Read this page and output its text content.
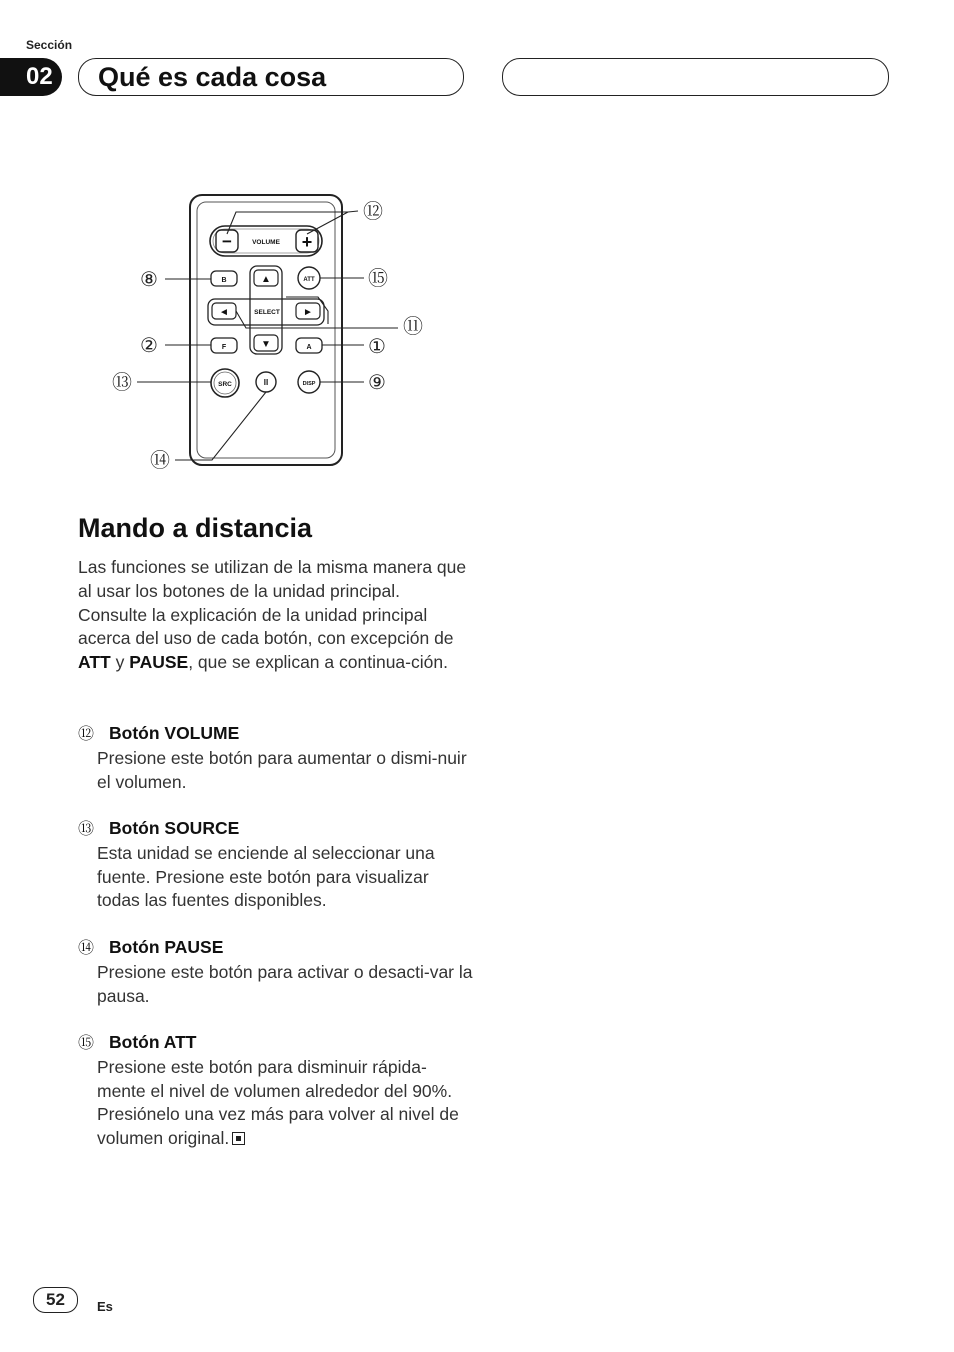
Sección
02	Qué es cada cosa
−	VOLUME +
B	ATT
▲
▼
◄	►
SELECT
F	A
SRC	II	DISP
⑫
⑧	⑮
⑪
②	①
⑬	⑨
⑭
Mando a distancia

Las funciones se utilizan de la misma manera que al usar los botones de la unidad principal. Consulte la explicación de la unidad principal acerca del uso de cada botón, con excepción de ATT y PAUSE, que se explican a continua-ción.

⑫ Botón VOLUME

Presione este botón para aumentar o dismi-nuir el volumen.

⑬ Botón SOURCE

Esta unidad se enciende al seleccionar una fuente. Presione este botón para visualizar todas las fuentes disponibles.

⑭ Botón PAUSE

Presione este botón para activar o desacti-var la pausa.

⑮ Botón ATT

Presione este botón para disminuir rápida-mente el nivel de volumen alrededor del 90%. Presiónelo una vez más para volver al nivel de volumen original.

52	Es
